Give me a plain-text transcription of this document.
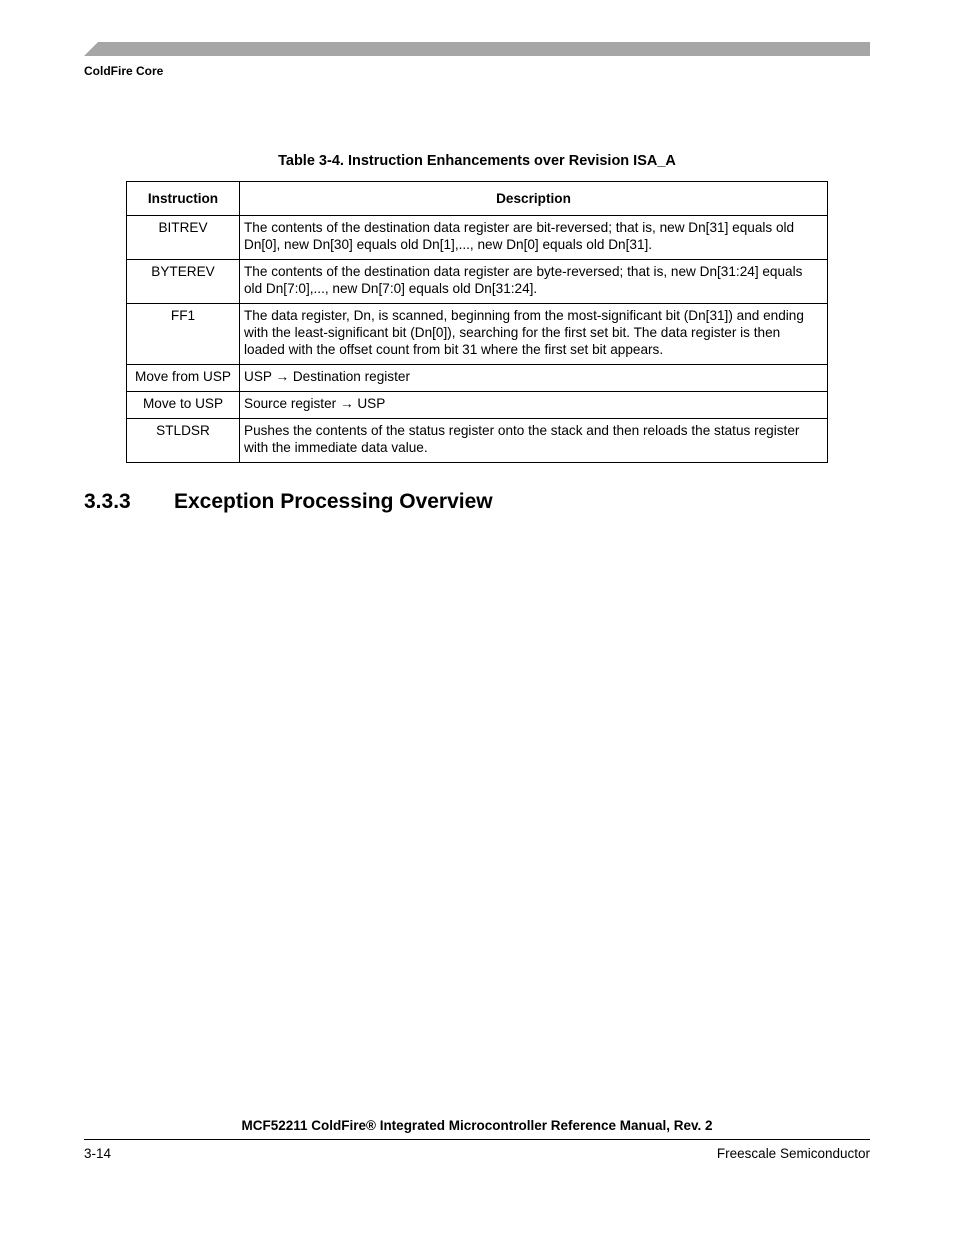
ColdFire Core
Table 3-4. Instruction Enhancements over Revision ISA_A
Instruction	Description
BITREV	The contents of the destination data register are bit-reversed; that is, new Dn[31] equals old Dn[0], new Dn[30] equals old Dn[1],..., new Dn[0] equals old Dn[31].
BYTEREV	The contents of the destination data register are byte-reversed; that is, new Dn[31:24] equals old Dn[7:0],..., new Dn[7:0] equals old Dn[31:24].
FF1	The data register, Dn, is scanned, beginning from the most-significant bit (Dn[31]) and ending with the least-significant bit (Dn[0]), searching for the first set bit. The data register is then loaded with the offset count from bit 31 where the first set bit appears.
Move from USP	USP → Destination register
Move to USP	Source register → USP
STLDSR	Pushes the contents of the status register onto the stack and then reloads the status register with the immediate data value.
3.3.3 Exception Processing Overview
MCF52211 ColdFire® Integrated Microcontroller Reference Manual, Rev. 2
3-14	Freescale Semiconductor
